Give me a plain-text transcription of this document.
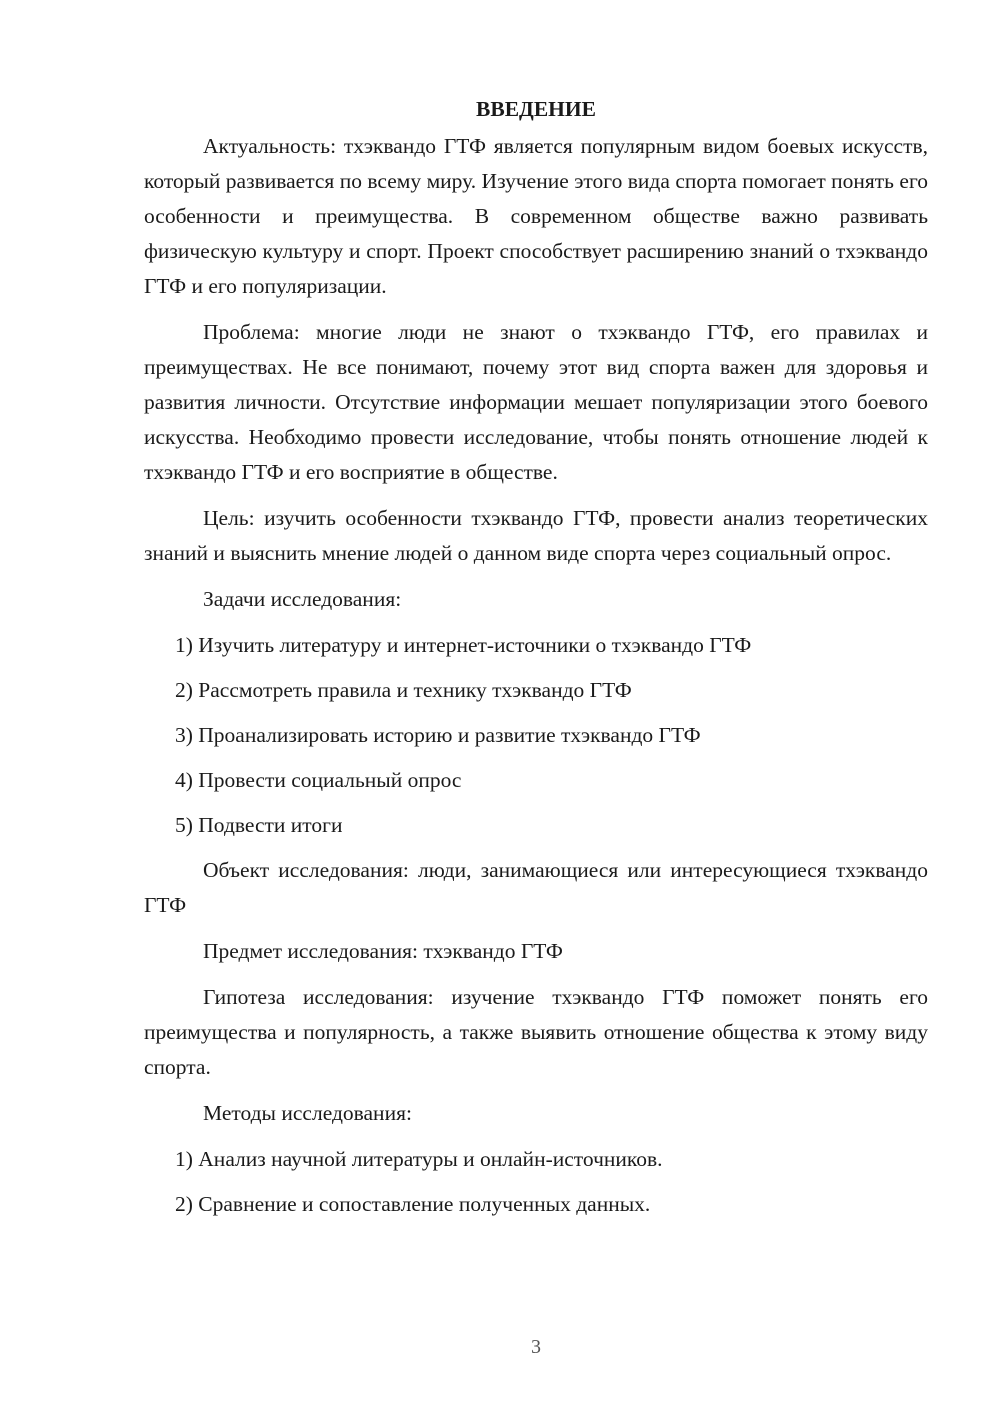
ВВЕДЕНИЕ

Актуальность: тхэквандо ГТФ является популярным видом боевых искусств, который развивается по всему миру. Изучение этого вида спорта помогает понять его особенности и преимущества. В современном обществе важно развивать физическую культуру и спорт. Проект способствует расширению знаний о тхэквандо ГТФ и его популяризации.

Проблема: многие люди не знают о тхэквандо ГТФ, его правилах и преимуществах. Не все понимают, почему этот вид спорта важен для здоровья и развития личности. Отсутствие информации мешает популяризации этого боевого искусства. Необходимо провести исследование, чтобы понять отношение людей к тхэквандо ГТФ и его восприятие в обществе.

Цель: изучить особенности тхэквандо ГТФ, провести анализ теоретических знаний и выяснить мнение людей о данном виде спорта через социальный опрос.

Задачи исследования:

1) Изучить литературу и интернет-источники о тхэквандо ГТФ
2) Рассмотреть правила и технику тхэквандо ГТФ
3) Проанализировать историю и развитие тхэквандо ГТФ
4) Провести социальный опрос
5) Подвести итоги

Объект исследования: люди, занимающиеся или интересующиеся тхэквандо ГТФ

Предмет исследования: тхэквандо ГТФ

Гипотеза исследования: изучение тхэквандо ГТФ поможет понять его преимущества и популярность, а также выявить отношение общества к этому виду спорта.

Методы исследования:

1) Анализ научной литературы и онлайн-источников.
2) Сравнение и сопоставление полученных данных.
3
